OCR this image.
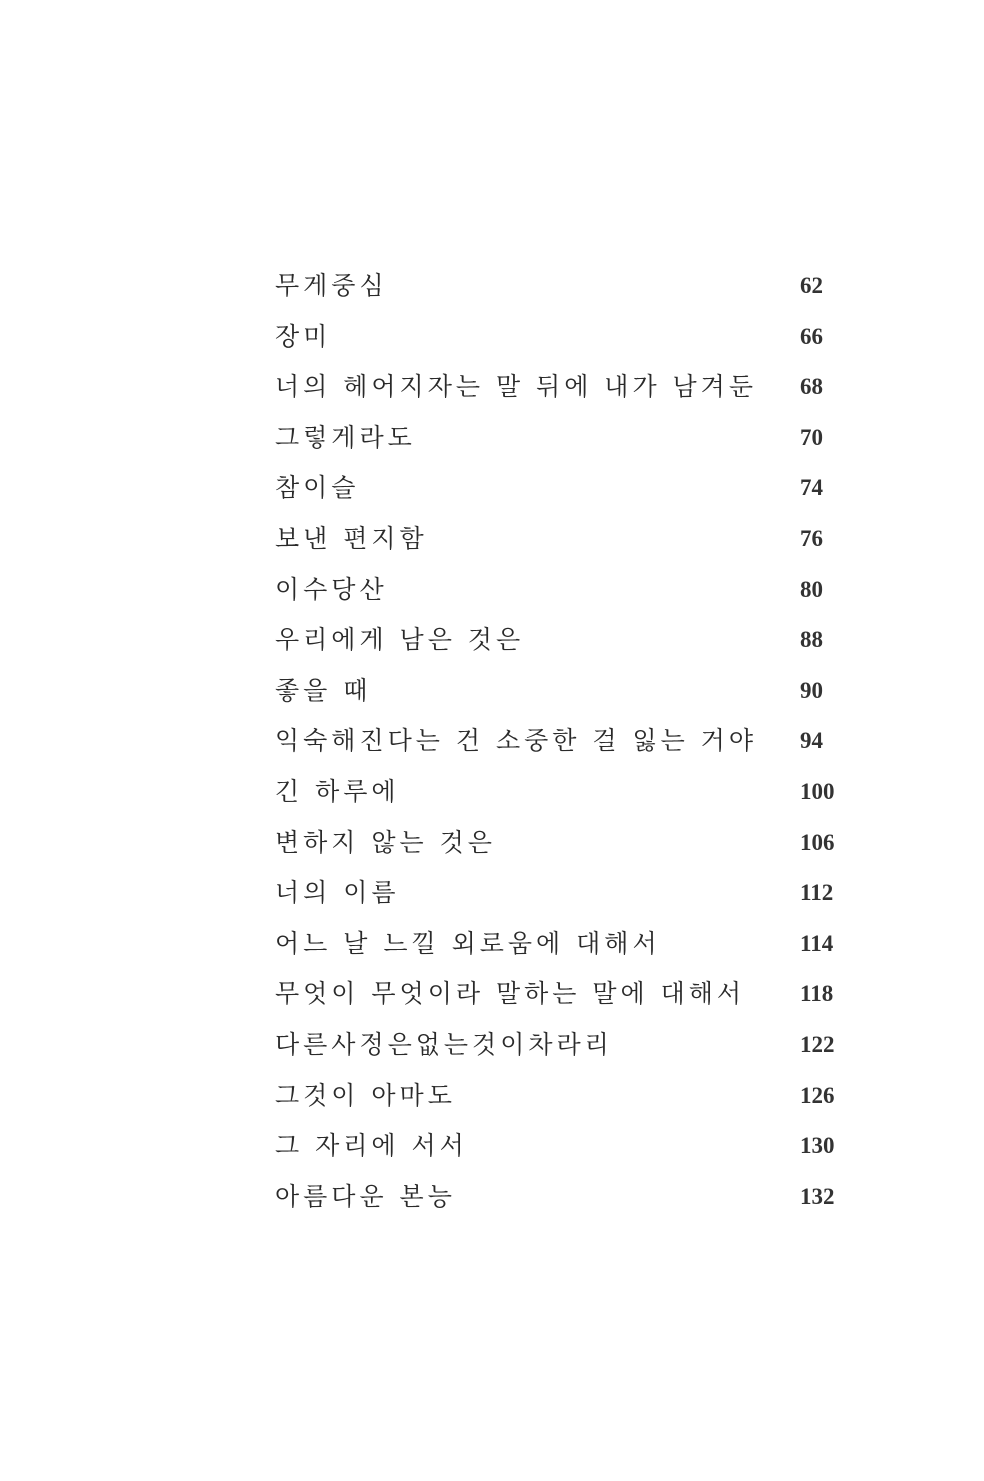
무게중심	62
장미	66
너의 헤어지자는 말 뒤에 내가 남겨둔 68
그렇게라도	70
참이슬	74
보낸 편지함	76
이수당산	80
우리에게 남은 것은	88
좋을 때	90
익숙해진다는 건 소중한 걸 잃는 거야 94
긴 하루에	100
변하지 않는 것은	106
너의 이름	112
어느 날 느낄 외로움에 대해서	114
무엇이 무엇이라 말하는 말에 대해서 118
다른사정은없는것이차라리	122
그것이 아마도	126
그 자리에 서서	130
아름다운 본능	132
